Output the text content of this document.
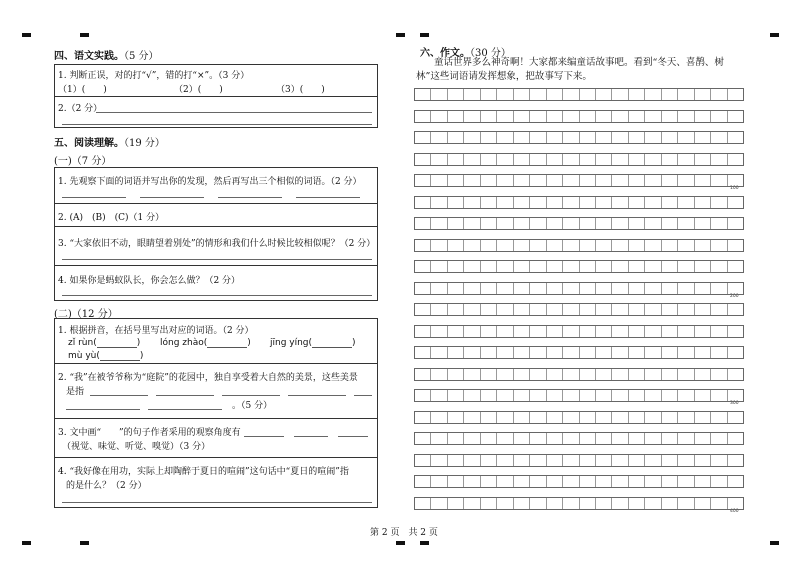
四、语文实践。（5 分）
1. 判断正误，对的打“√”，错的打“×”。（3 分）
（1）(　　)	（2）(　　)	（3）(　　)
2.（2 分）
五、阅读理解。（19 分）
(一)（7 分）
1. 先观察下面的词语并写出你的发现，然后再写出三个相似的词语。（2 分）
2. (A)　(B)　(C)（1 分）
3. “大家依旧不动，眼睛望着别处”的情形和我们什么时候比较相似呢？（2 分）
4. 如果你是蚂蚁队长，你会怎么做？（2 分）
(二)（12 分）
1. 根据拼音，在括号里写出对应的词语。（2 分）
zǐ rùn(	) lóng zhào(	) jīng yíng(	)
mù yù(	)
2. “我”在被爷爷称为“庭院”的花园中，独自享受着大自然的美景，这些美景
是指
。（5 分）
3. 文中画“　　”的句子作者采用的观察角度有
（视觉、味觉、听觉、嗅觉）（3 分）
4. “我好像在用功，实际上却陶醉于夏日的喧闹”这句话中“夏日的喧闹”指
的是什么？（2 分）
第 2 页　共 2 页
六、作文。（30 分）
童话世界多么神奇啊！大家都来编童话故事吧。看到“冬天、喜鹊、树
林”这些词语请发挥想象，把故事写下来。
100
200
300
400
